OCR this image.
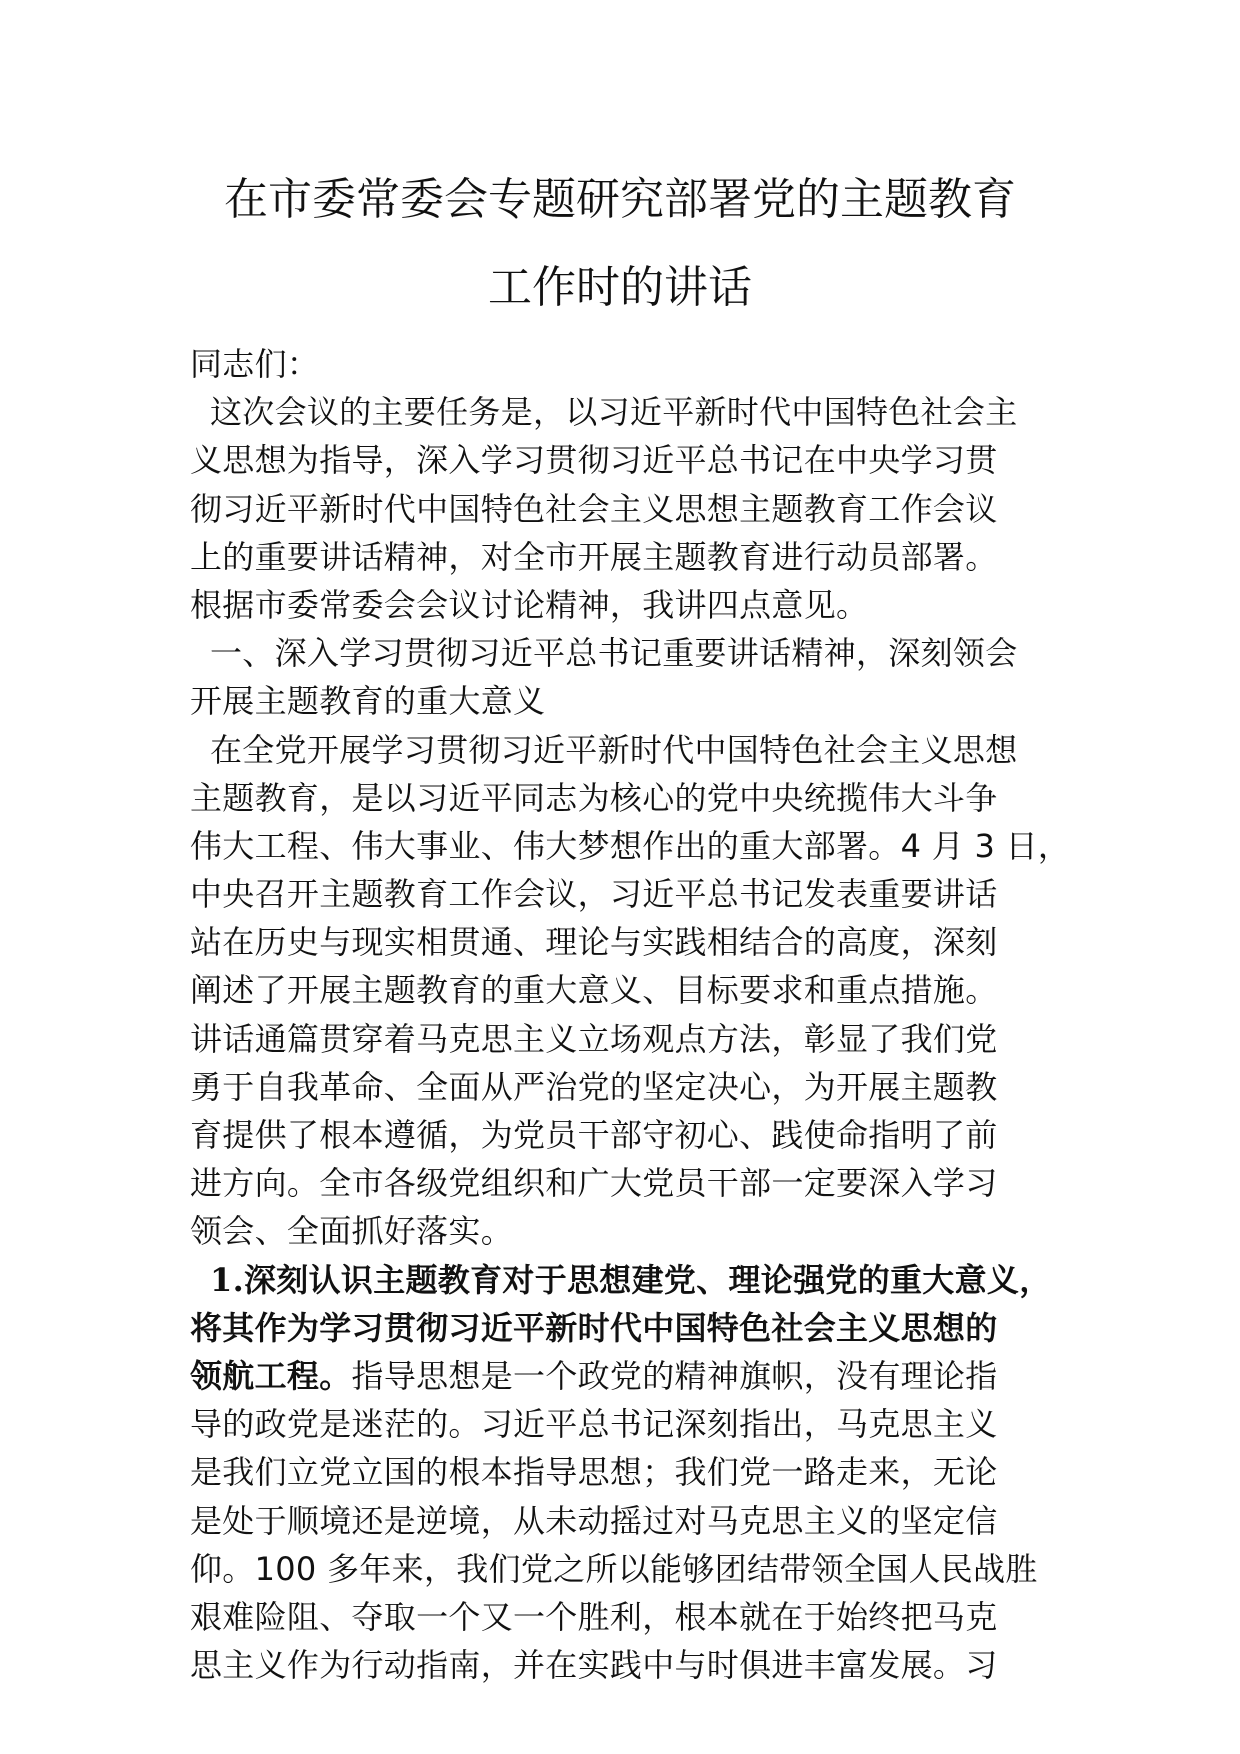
在市委常委会专题研究部署党的主题教育
工作时的讲话
同志们：
这次会议的主要任务是，以习近平新时代中国特色社会主
义思想为指导，深入学习贯彻习近平总书记在中央学习贯
彻习近平新时代中国特色社会主义思想主题教育工作会议
上的重要讲话精神，对全市开展主题教育进行动员部署。
根据市委常委会会议讨论精神，我讲四点意见。
一、深入学习贯彻习近平总书记重要讲话精神，深刻领会
开展主题教育的重大意义
在全党开展学习贯彻习近平新时代中国特色社会主义思想
主题教育，是以习近平同志为核心的党中央统揽伟大斗争
伟大工程、伟大事业、伟大梦想作出的重大部署。4 月 3 日，
中央召开主题教育工作会议，习近平总书记发表重要讲话
站在历史与现实相贯通、理论与实践相结合的高度，深刻
阐述了开展主题教育的重大意义、目标要求和重点措施。
讲话通篇贯穿着马克思主义立场观点方法，彰显了我们党
勇于自我革命、全面从严治党的坚定决心，为开展主题教
育提供了根本遵循，为党员干部守初心、践使命指明了前
进方向。全市各级党组织和广大党员干部一定要深入学习
领会、全面抓好落实。
1.深刻认识主题教育对于思想建党、理论强党的重大意义，
将其作为学习贯彻习近平新时代中国特色社会主义思想的
领航工程。指导思想是一个政党的精神旗帜，没有理论指
导的政党是迷茫的。习近平总书记深刻指出，马克思主义
是我们立党立国的根本指导思想；我们党一路走来，无论
是处于顺境还是逆境，从未动摇过对马克思主义的坚定信
仰。100 多年来，我们党之所以能够团结带领全国人民战胜
艰难险阻、夺取一个又一个胜利，根本就在于始终把马克
思主义作为行动指南，并在实践中与时俱进丰富发展。习
